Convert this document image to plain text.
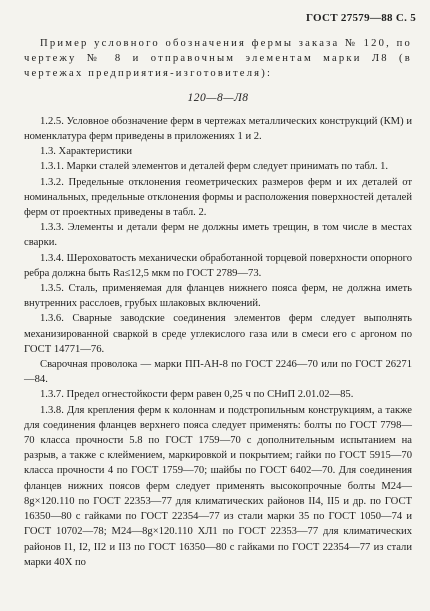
ГОСТ 27579—88 С. 5

Пример условного обозначения фермы заказа № 120, по чертежу № 8 и отправочным элементам марки Л8 (в чертежах предприятия-изготовителя):

120—8—Л8

1.2.5. Условное обозначение ферм в чертежах металлических конструкций (КМ) и номенклатура ферм приведены в приложениях 1 и 2.

1.3. Характеристики

1.3.1. Марки сталей элементов и деталей ферм следует принимать по табл. 1.

1.3.2. Предельные отклонения геометрических размеров ферм и их деталей от номинальных, предельные отклонения формы и расположения поверхностей деталей ферм от проектных приведены в табл. 2.

1.3.3. Элементы и детали ферм не должны иметь трещин, в том числе в местах сварки.

1.3.4. Шероховатость механически обработанной торцевой поверхности опорного ребра должна быть Ra≤12,5 мкм по ГОСТ 2789—73.

1.3.5. Сталь, применяемая для фланцев нижнего пояса ферм, не должна иметь внутренних расслоев, грубых шлаковых включений.

1.3.6. Сварные заводские соединения элементов ферм следует выполнять механизированной сваркой в среде углекислого газа или в смеси его с аргоном по ГОСТ 14771—76.

Сварочная проволока — марки ПП-АН-8 по ГОСТ 2246—70 или по ГОСТ 26271—84.

1.3.7. Предел огнестойкости ферм равен 0,25 ч по СНиП 2.01.02—85.

1.3.8. Для крепления ферм к колоннам и подстропильным конструкциям, а также для соединения фланцев верхнего пояса следует применять: болты по ГОСТ 7798—70 класса прочности 5.8 по ГОСТ 1759—70 с дополнительным испытанием на разрыв, а также с клеймением, маркировкой и покрытием; гайки по ГОСТ 5915—70 класса прочности 4 по ГОСТ 1759—70; шайбы по ГОСТ 6402—70. Для соединения фланцев нижних поясов ферм следует применять высокопрочные болты М24—8g×120.110 по ГОСТ 22353—77 для климатических районов II4, II5 и др. по ГОСТ 16350—80 с гайками по ГОСТ 22354—77 из стали марки 35 по ГОСТ 1050—74 и ГОСТ 10702—78; М24—8g×120.110 ХЛ1 по ГОСТ 22353—77 для климатических районов I1, I2, II2 и II3 по ГОСТ 16350—80 с гайками по ГОСТ 22354—77 из стали марки 40Х по
